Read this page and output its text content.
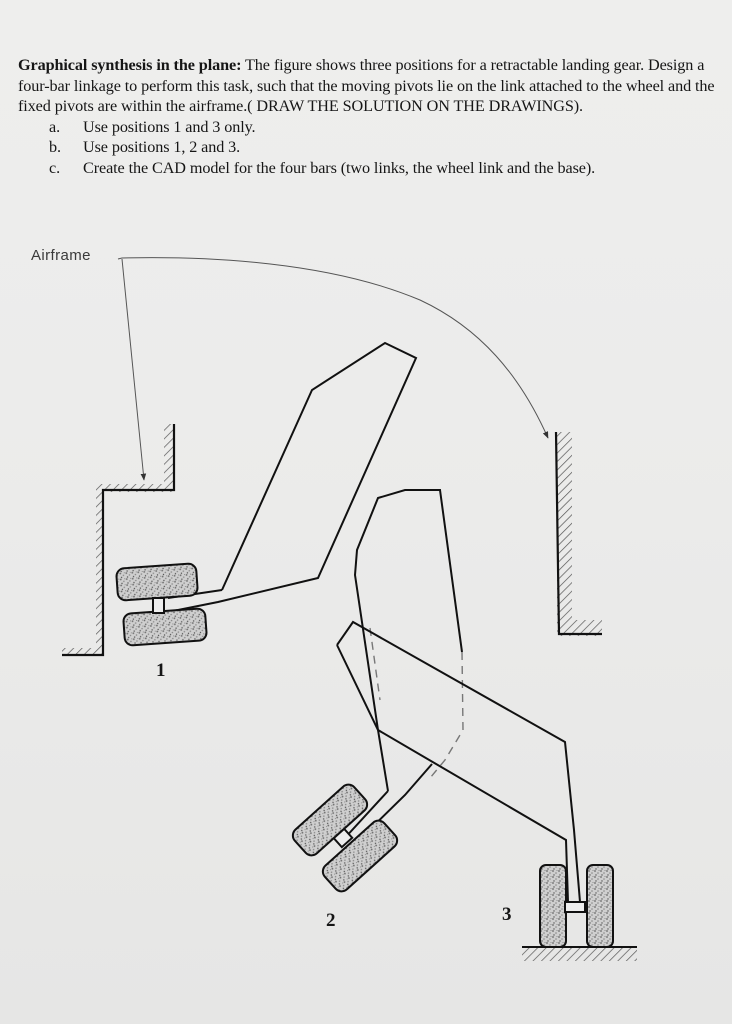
Graphical synthesis in the plane: The figure shows three positions for a retractable landing gear. Design a four-bar linkage to perform this task, such that the moving pivots lie on the link attached to the wheel and the fixed pivots are within the airframe.( DRAW THE SOLUTION ON THE DRAWINGS).

a. Use positions 1 and 3 only.
b. Use positions 1, 2 and 3.
c. Create the CAD model for the four bars (two links, the wheel link and the base).
Airframe
1
2	3
